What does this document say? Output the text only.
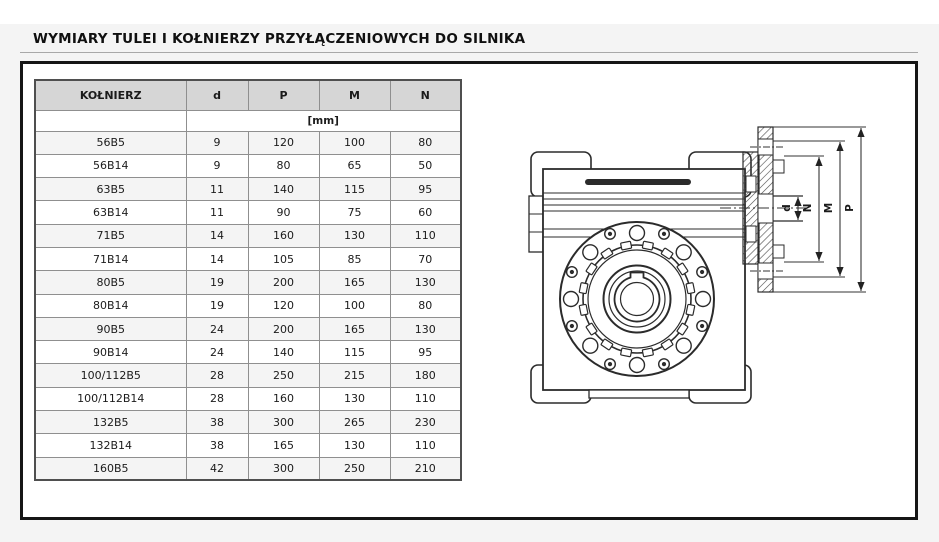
WYMIARY TULEI I KOŁNIERZY PRZYŁĄCZENIOWYCH DO SILNIKA
KOŁNIERZ	d	P	M	N
	[mm]			
56B5	9	120	100	80
56B14	9	80	65	50
63B5	11	140	115	95
63B14	11	90	75	60
71B5	14	160	130	110
71B14	14	105	85	70
80B5	19	200	165	130
80B14	19	120	100	80
90B5	24	200	165	130
90B14	24	140	115	95
100/112B5	28	250	215	180
100/112B14	28	160	130	110
132B5	38	300	265	230
132B14	38	165	130	110
160B5	42	300	250	210
d N M P
